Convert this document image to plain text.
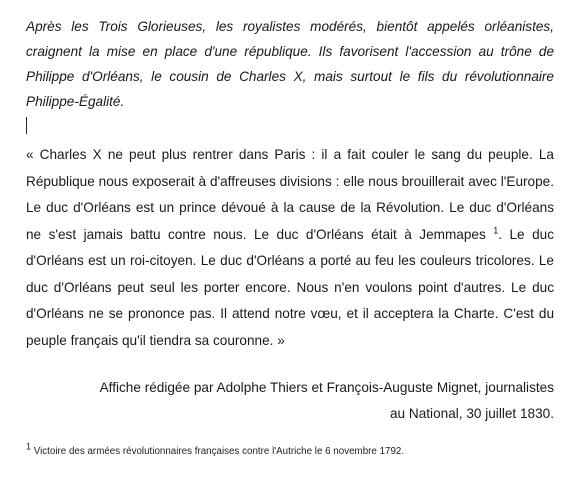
Après les Trois Glorieuses, les royalistes modérés, bientôt appelés orléanistes, craignent la mise en place d'une république. Ils favorisent l'accession au trône de Philippe d'Orléans, le cousin de Charles X, mais surtout le fils du révolutionnaire Philippe-Égalité.

« Charles X ne peut plus rentrer dans Paris : il a fait couler le sang du peuple. La République nous exposerait à d'affreuses divisions : elle nous brouillerait avec l'Europe. Le duc d'Orléans est un prince dévoué à la cause de la Révolution. Le duc d'Orléans ne s'est jamais battu contre nous. Le duc d'Orléans était à Jemmapes $^1$. Le duc d'Orléans est un roi-citoyen. Le duc d'Orléans a porté au feu les couleurs tricolores. Le duc d'Orléans peut seul les porter encore. Nous n'en voulons point d'autres. Le duc d'Orléans ne se prononce pas. Il attend notre vœu, et il acceptera la Charte. C'est du peuple français qu'il tiendra sa couronne. »

Affiche rédigée par Adolphe Thiers et François-Auguste Mignet, journalistes au National, 30 juillet 1830.

$^1$ Victoire des armées révolutionnaires françaises contre l'Autriche le 6 novembre 1792.
